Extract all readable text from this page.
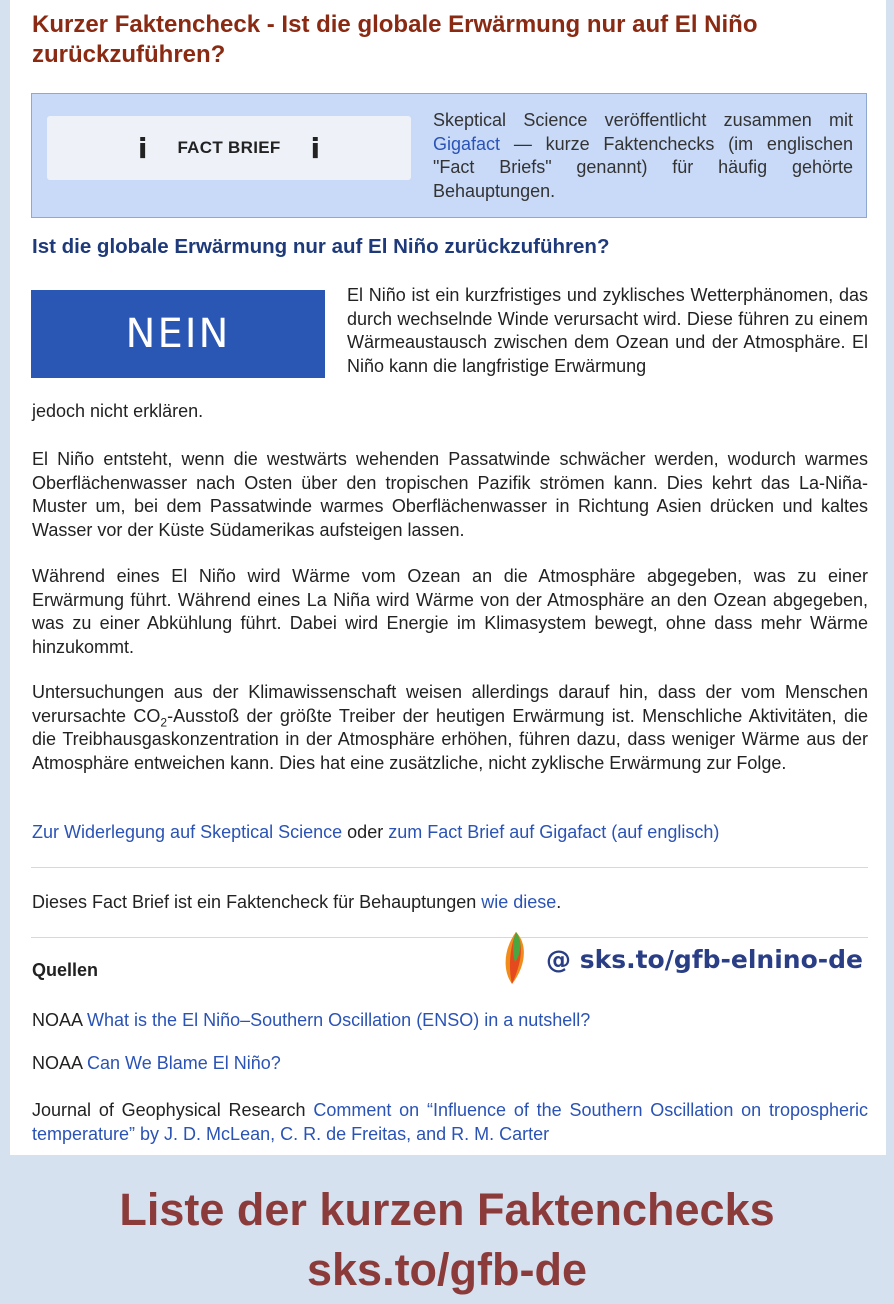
Kurzer Faktencheck - Ist die globale Erwärmung nur auf El Niño zurückzuführen?
i FACT BRIEF i
Skeptical Science veröffentlicht zusammen mit Gigafact — kurze Faktenchecks (im englischen "Fact Briefs" genannt) für häufig gehörte Behauptungen.
Ist die globale Erwärmung nur auf El Niño zurückzuführen?
NEIN
El Niño ist ein kurzfristiges und zyklisches Wetterphänomen, das durch wechselnde Winde verursacht wird. Diese führen zu einem Wärmeaustausch zwischen dem Ozean und der Atmosphäre. El Niño kann die langfristige Erwärmung
jedoch nicht erklären.
El Niño entsteht, wenn die westwärts wehenden Passatwinde schwächer werden, wodurch warmes Oberflächenwasser nach Osten über den tropischen Pazifik strömen kann. Dies kehrt das La-Niña-Muster um, bei dem Passatwinde warmes Oberflächenwasser in Richtung Asien drücken und kaltes Wasser vor der Küste Südamerikas aufsteigen lassen.
Während eines El Niño wird Wärme vom Ozean an die Atmosphäre abgegeben, was zu einer Erwärmung führt. Während eines La Niña wird Wärme von der Atmosphäre an den Ozean abgegeben, was zu einer Abkühlung führt. Dabei wird Energie im Klimasystem bewegt, ohne dass mehr Wärme hinzukommt.
Untersuchungen aus der Klimawissenschaft weisen allerdings darauf hin, dass der vom Menschen verursachte $CO_2$-Ausstoß der größte Treiber der heutigen Erwärmung ist. Menschliche Aktivitäten, die die Treibhausgaskonzentration in der Atmosphäre erhöhen, führen dazu, dass weniger Wärme aus der Atmosphäre entweichen kann. Dies hat eine zusätzliche, nicht zyklische Erwärmung zur Folge.
Zur Widerlegung auf Skeptical Science oder zum Fact Brief auf Gigafact (auf englisch)
Dieses Fact Brief ist ein Faktencheck für Behauptungen wie diese.
Quellen	@ sks.to/gfb-elnino-de
NOAA What is the El Niño–Southern Oscillation (ENSO) in a nutshell?
NOAA Can We Blame El Niño?
Journal of Geophysical Research Comment on “Influence of the Southern Oscillation on tropospheric temperature” by J. D. McLean, C. R. de Freitas, and R. M. Carter
Liste der kurzen Faktenchecks
sks.to/gfb-de
